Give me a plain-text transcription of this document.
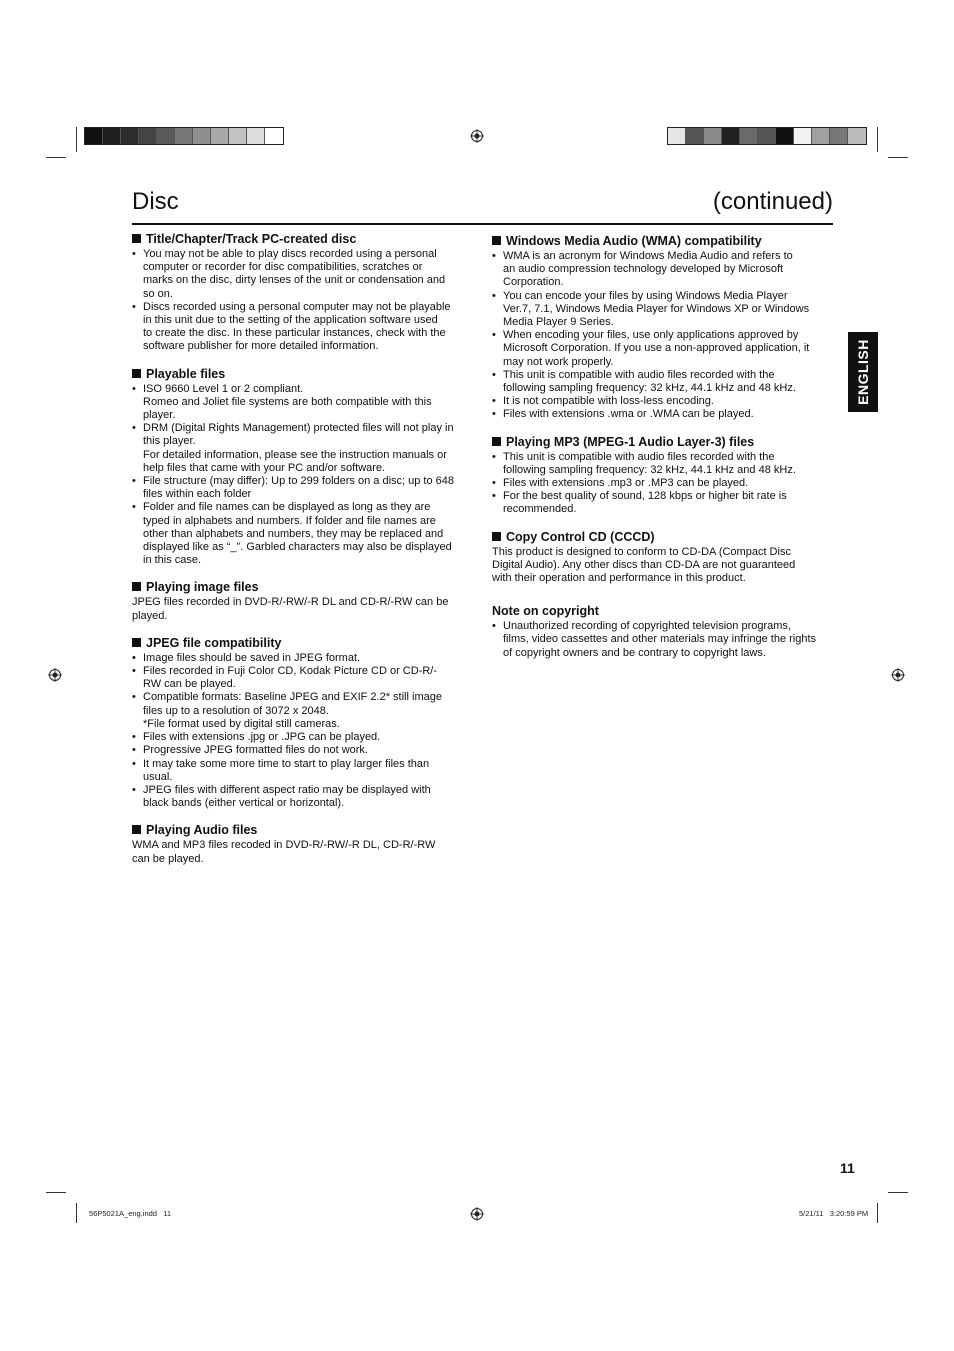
Disc	(continued)
ENGLISH
Title/Chapter/Track PC-created disc
• You may not be able to play discs recorded using a personal
computer or recorder for disc compatibilities, scratches or
marks on the disc, dirty lenses of the unit or condensation and
so on.
• Discs recorded using a personal computer may not be playable
in this unit due to the setting of the application software used
to create the disc. In these particular instances, check with the
software publisher for more detailed information.
Playable files
• ISO 9660 Level 1 or 2 compliant.
Romeo and Joliet file systems are both compatible with this
player.
• DRM (Digital Rights Management) protected files will not play in
this player.
For detailed information, please see the instruction manuals or
help files that came with your PC and/or software.
• File structure (may differ): Up to 299 folders on a disc; up to 648
files within each folder
• Folder and file names can be displayed as long as they are
typed in alphabets and numbers. If folder and file names are
other than alphabets and numbers, they may be replaced and
displayed like as “_”. Garbled characters may also be displayed
in this case.
Playing image files

JPEG files recorded in DVD-R/-RW/-R DL and CD-R/-RW can be
played.

JPEG file compatibility
• Image files should be saved in JPEG format.
• Files recorded in Fuji Color CD, Kodak Picture CD or CD-R/-
RW can be played.
• Compatible formats: Baseline JPEG and EXIF 2.2* still image
files up to a resolution of 3072 x 2048.
*File format used by digital still cameras.
• Files with extensions .jpg or .JPG can be played.
• Progressive JPEG formatted files do not work.
• It may take some more time to start to play larger files than
usual.
• JPEG files with different aspect ratio may be displayed with
black bands (either vertical or horizontal).
Playing Audio files

WMA and MP3 files recoded in DVD-R/-RW/-R DL, CD-R/-RW
can be played.

Windows Media Audio (WMA) compatibility
• WMA is an acronym for Windows Media Audio and refers to
an audio compression technology developed by Microsoft
Corporation.
• You can encode your files by using Windows Media Player
Ver.7, 7.1, Windows Media Player for Windows XP or Windows
Media Player 9 Series.
• When encoding your files, use only applications approved by
Microsoft Corporation. If you use a non-approved application, it
may not work properly.
• This unit is compatible with audio files recorded with the
following sampling frequency: 32 kHz, 44.1 kHz and 48 kHz.
• It is not compatible with loss-less encoding.
• Files with extensions .wma or .WMA can be played.
Playing MP3 (MPEG-1 Audio Layer-3) files
• This unit is compatible with audio files recorded with the
following sampling frequency: 32 kHz, 44.1 kHz and 48 kHz.
• Files with extensions .mp3 or .MP3 can be played.
• For the best quality of sound, 128 kbps or higher bit rate is
recommended.
Copy Control CD (CCCD)

This product is designed to conform to CD-DA (Compact Disc
Digital Audio). Any other discs than CD-DA are not guaranteed
with their operation and performance in this product.

Note on copyright
• Unauthorized recording of copyrighted television programs,
films, video cassettes and other materials may infringe the rights
of copyright owners and be contrary to copyright laws.
11
56P5021A_eng.indd   11	5/21/11   3:20:59 PM
